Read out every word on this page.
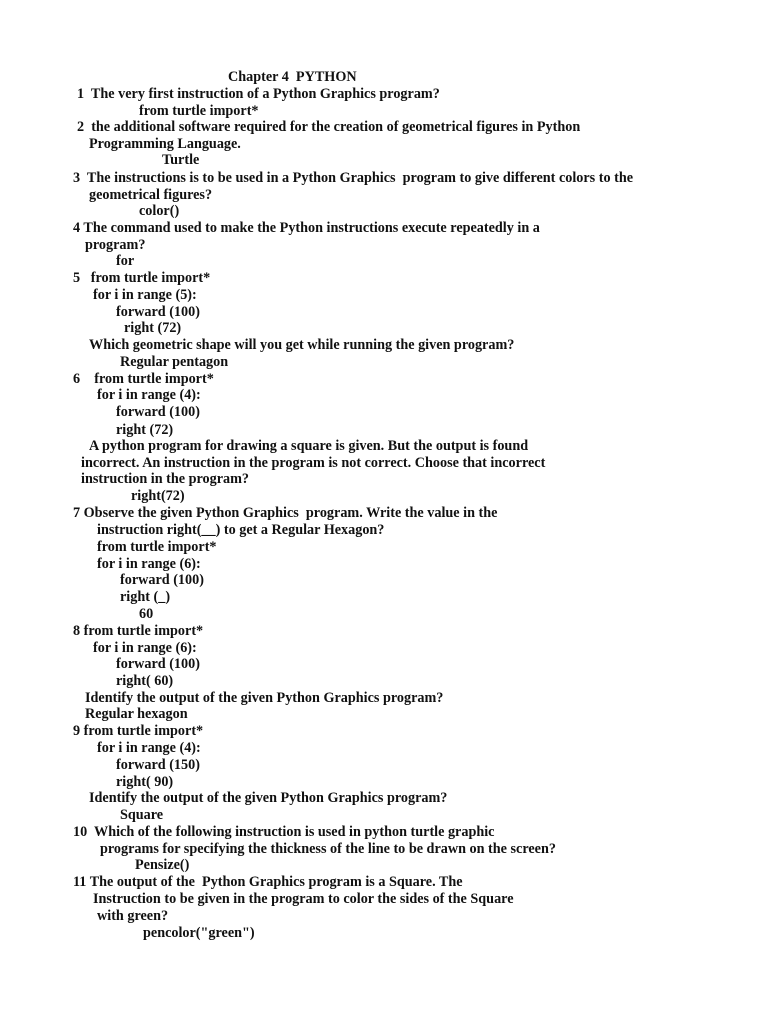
Chapter 4  PYTHON
1  The very first instruction of a Python Graphics program?
from turtle import*
2  the additional software required for the creation of geometrical figures in Python
Programming Language.
Turtle
3  The instructions is to be used in a Python Graphics  program to give different colors to the
geometrical figures?
color()
4 The command used to make the Python instructions execute repeatedly in a
program?
for
5   from turtle import*
for i in range (5):
forward (100)
right (72)
Which geometric shape will you get while running the given program?
Regular pentagon
6    from turtle import*
for i in range (4):
forward (100)
right (72)
A python program for drawing a square is given. But the output is found
incorrect. An instruction in the program is not correct. Choose that incorrect
instruction in the program?
right(72)
7 Observe the given Python Graphics  program. Write the value in the
instruction right(__) to get a Regular Hexagon?
from turtle import*
for i in range (6):
forward (100)
right (_)
60
8 from turtle import*
for i in range (6):
forward (100)
right( 60)
Identify the output of the given Python Graphics program?
Regular hexagon
9 from turtle import*
for i in range (4):
forward (150)
right( 90)
Identify the output of the given Python Graphics program?
Square
10  Which of the following instruction is used in python turtle graphic
programs for specifying the thickness of the line to be drawn on the screen?
Pensize()
11 The output of the  Python Graphics program is a Square. The
Instruction to be given in the program to color the sides of the Square
with green?
pencolor("green")
